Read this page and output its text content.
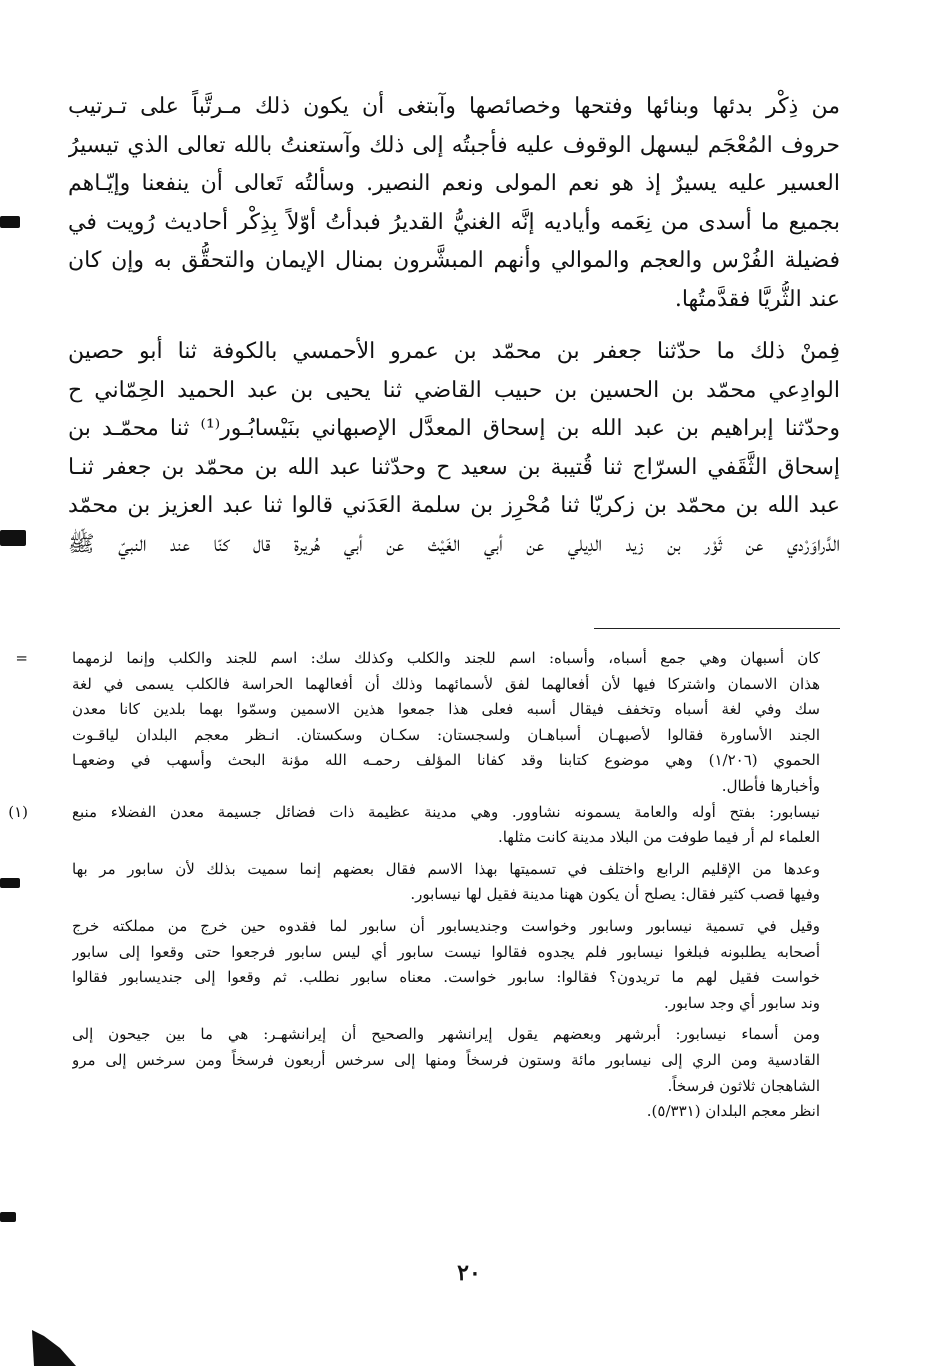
من ذِكْر بدئها وبنائها وفتحها وخصائصها وآبتغى أن يكون ذلك مـرتَّباً على تـرتيب
حروف المُعْجَم ليسهل الوقوف عليه فأجبتُه إلى ذلك وآستعنتُ بالله تعالى الذي تيسيرُ
العسير عليه يسيرٌ إذ هو نعم المولى ونعم النصير. وسألتُه تَعالى أن ينفعنا وإيّـاهم
بجميع ما أسدى من نِعَمه وأياديه إنَّه الغنيُّ القديرُ فبدأتُ أوّلاً بِذِكْر أحاديث رُويت في
فضيلة الفُرْس والعجم والموالي وأنهم المبشَّرون بمنال الإيمان والتحقُّق به وإن كان
عند الثُّريَّا فقدَّمتُها.
فِمنْ ذلك ما حدّثنا جعفر بن محمّد بن عمرو الأحمسي بالكوفة ثنا أبو حصين
الوادِعي محمّد بن الحسين بن حبيب القاضي ثنا يحيى بن عبد الحميد الحِمّاني ح
وحدّثنا إبراهيم بن عبد الله بن إسحاق المعدَّل الإصبهاني بنَيْسابُـور⁽¹⁾ ثنا محمّـد بن
إسحاق الثَّقَفي السرّاج ثنا قُتيبة بن سعيد ح وحدّثنا عبد الله بن محمّد بن جعفر ثنـا
عبد الله بن محمّد بن زكريّا ثنا مُحْرِز بن سلمة العَدَني قالوا ثنا عبد العزيز بن محمّد
الدَّراوَرْدي عن ثَوْر بن زيد الدِيلي عن أبي الغَيْث عن أبي هُريرة قال كنّا عند النبيّ ﷺ
=	كان أسبهان وهي جمع أسباه، وأسباه: اسم للجند والكلب وكذلك سك: اسم للجند والكلب وإنما لزمهما
هذان الاسمان واشتركا فيها لأن أفعالهما لفق لأسمائهما وذلك أن أفعالهما الحراسة فالكلب يسمى في لغة
سك وفي لغة أسباه وتخفف فيقال أسبه فعلى هذا جمعوا هذين الاسمين وسمّوا بهما بلدين كانا معدن
الجند الأساورة فقالوا لأصبهـان أسباهـان ولسجستان: سكـان وسكستان. انـظر معجم البلدان لياقـوت
الحموي (١/٢٠٦) وهي موضوع كتابنا وقد كفانا المؤلف رحمـه الله مؤنة البحث وأسهب في وضعهـا
وأخبارها فأطال.
(١)	نيسابور: بفتح أوله والعامة يسمونه نشاوور. وهي مدينة عظيمة ذات فضائل جسيمة معدن الفضلاء منبع
العلماء لم أر فيما طوفت من البلاد مدينة كانت مثلها.
وعدها من الإقليم الرابع واختلف في تسميتها بهذا الاسم فقال بعضهم إنما سميت بذلك لأن سابور مر بها
وفيها قصب كثير فقال: يصلح أن يكون ههنا مدينة فقيل لها نيسابور.
وقيل في تسمية نيسابور وسابور وخواست وجنديسابور أن سابور لما فقدوه حين خرج من مملكته خرج
أصحابه يطلبونه فبلغوا نيسابور فلم يجدوه فقالوا نيست سابور أي ليس سابور فرجعوا حتى وقعوا إلى سابور
خواست فقيل لهم ما تريدون؟ فقالوا: سابور خواست. معناه سابور نطلب. ثم وقعوا إلى جنديسابور فقالوا
وند سابور أي وجد سابور.
ومن أسماء نيسابور: أبرشهر وبعضهم يقول إيرانشهر والصحيح أن إيرانشهـر: هي ما بين جيحون إلى
القادسية ومن الري إلى نيسابور مائة وستون فرسخاً ومنها إلى سرخس أربعون فرسخاً ومن سرخس إلى مرو
الشاهجان ثلاثون فرسخاً.
انظر معجم البلدان (٥/٣٣١).
٢٠
